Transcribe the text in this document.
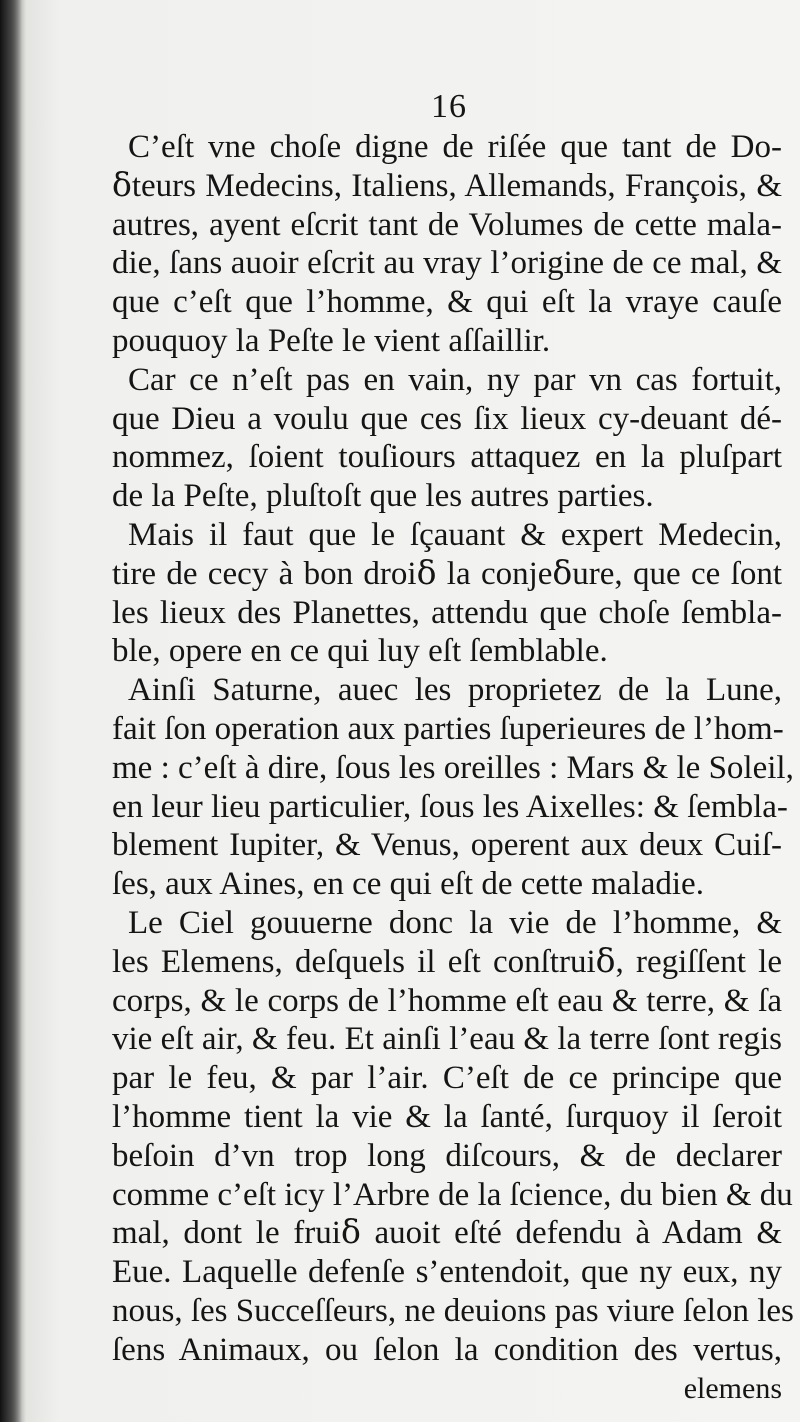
16
C’eſt vne choſe digne de riſée que tant de Do-
ẟteurs Medecins, Italiens, Allemands, François, &
autres, ayent eſcrit tant de Volumes de cette mala-
die, ſans auoir eſcrit au vray l’origine de ce mal, &
que c’eſt que l’homme, & qui eſt la vraye cauſe
pouquoy la Peſte le vient aſſaillir.
Car ce n’eſt pas en vain, ny par vn cas fortuit,
que Dieu a voulu que ces ſix lieux cy-deuant dé-
nommez, ſoient touſiours attaquez en la pluſpart
de la Peſte, pluſtoſt que les autres parties.
Mais il faut que le ſçauant & expert Medecin,
tire de cecy à bon droiẟ la conjeẟure, que ce ſont
les lieux des Planettes, attendu que choſe ſembla-
ble, opere en ce qui luy eſt ſemblable.
Ainſi Saturne, auec les proprietez de la Lune,
fait ſon operation aux parties ſuperieures de l’hom-
me : c’eſt à dire, ſous les oreilles : Mars & le Soleil,
en leur lieu particulier, ſous les Aixelles: & ſembla-
blement Iupiter, & Venus, operent aux deux Cuiſ-
ſes, aux Aines, en ce qui eſt de cette maladie.
Le Ciel gouuerne donc la vie de l’homme, &
les Elemens, deſquels il eſt conſtruiẟ, regiſſent le
corps, & le corps de l’homme eſt eau & terre, & ſa
vie eſt air, & feu. Et ainſi l’eau & la terre ſont regis
par le feu, & par l’air. C’eſt de ce principe que
l’homme tient la vie & la ſanté, ſurquoy il ſeroit
beſoin d’vn trop long diſcours, & de declarer
comme c’eſt icy l’Arbre de la ſcience, du bien & du
mal, dont le fruiẟ auoit eſté defendu à Adam &
Eue. Laquelle defenſe s’entendoit, que ny eux, ny
nous, ſes Succeſſeurs, ne deuions pas viure ſelon les
ſens Animaux, ou ſelon la condition des vertus,
elemens
